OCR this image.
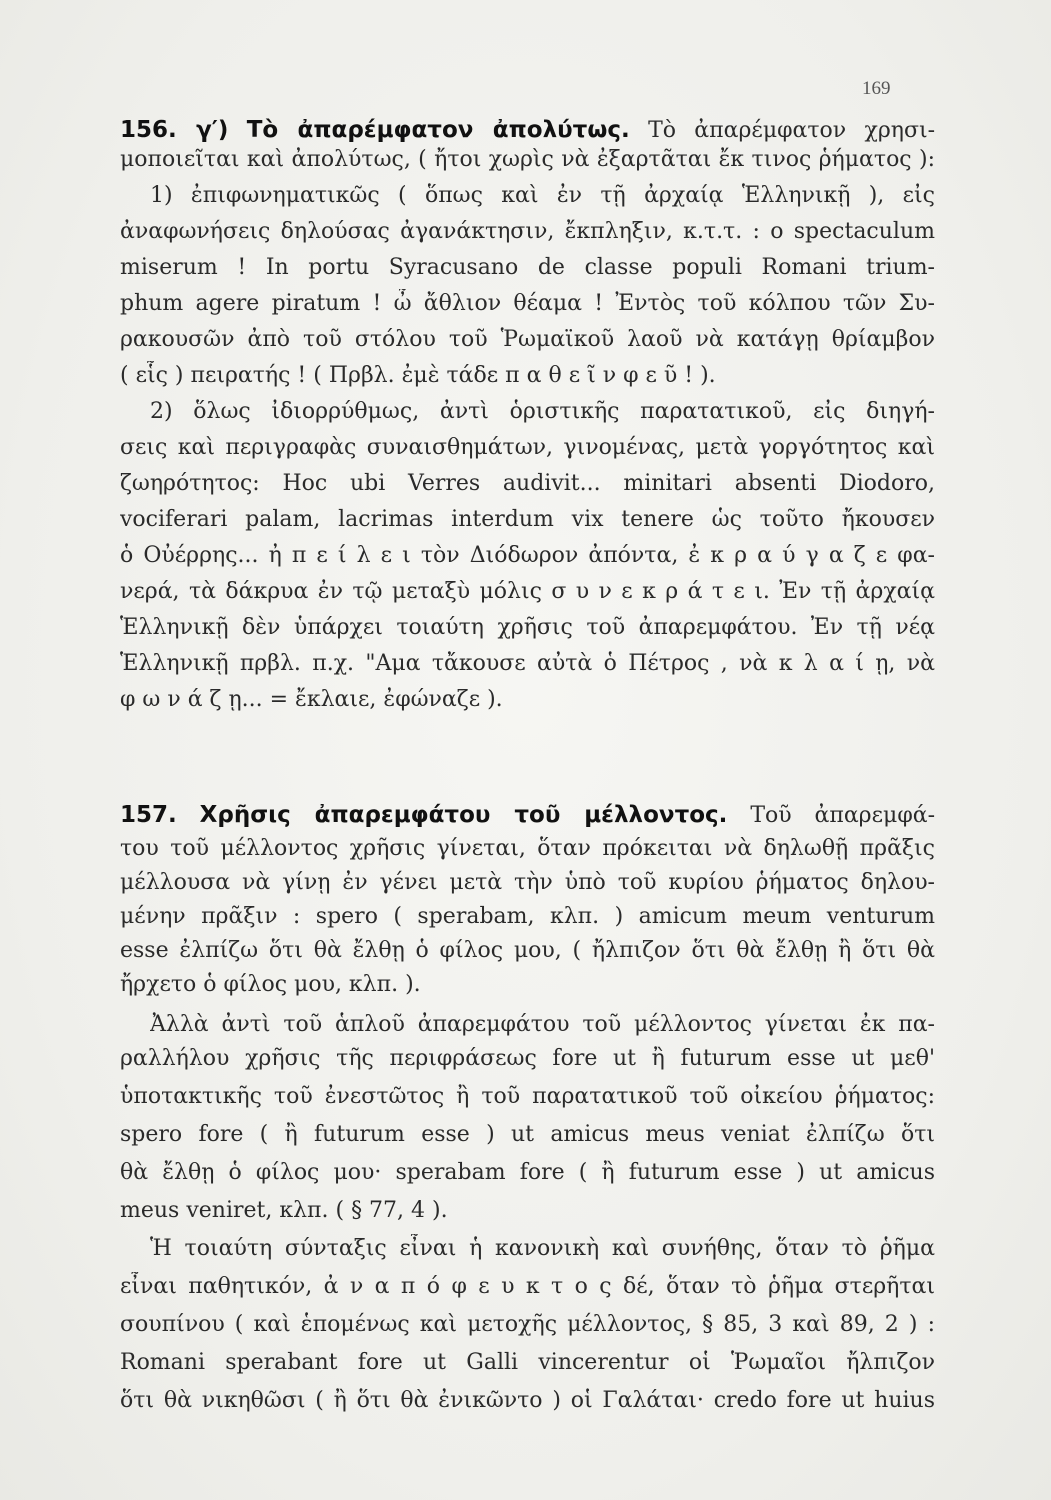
169
156. γ′) Τὸ ἀπαρέμφατον ἀπολύτως. Τὸ ἀπαρέμφατον χρησι-
μοποιεῖται καὶ ἀπολύτως, ( ἤτοι χωρὶς νὰ ἐξαρτᾶται ἔκ τινος ῥήματος ):
1) ἐπιφωνηματικῶς ( ὅπως καὶ ἐν τῇ ἀρχαίᾳ Ἑλληνικῇ ), εἰς
ἀναφωνήσεις δηλούσας ἀγανάκτησιν, ἔκπληξιν, κ.τ.τ. : o spectaculum
miserum ! In portu Syracusano de classe populi Romani trium-
phum agere piratum ! ὦ ἄθλιον θέαμα ! Ἐντὸς τοῦ κόλπου τῶν Συ-
ρακουσῶν ἀπὸ τοῦ στόλου τοῦ Ῥωμαϊκοῦ λαοῦ νὰ κατάγῃ θρίαμβον
( εἷς ) πειρατής ! ( Πρβλ. ἐμὲ τάδε π α θ ε ῖ ν φ ε ῦ ! ).
2) ὅλως ἰδιορρύθμως, ἀντὶ ὁριστικῆς παρατατικοῦ, εἰς διηγή-
σεις καὶ περιγραφὰς συναισθημάτων, γινομένας, μετὰ γοργότητος καὶ
ζωηρότητος: Hoc ubi Verres audivit... minitari absenti Diodoro,
vociferari palam, lacrimas interdum vix tenere ὡς τοῦτο ἤκουσεν
ὁ Οὐέρρης... ἠ π ε ί λ ε ι τὸν Διόδωρον ἀπόντα, ἐ κ ρ α ύ γ α ζ ε φα-
νερά, τὰ δάκρυα ἐν τῷ μεταξὺ μόλις σ υ ν ε κ ρ ά τ ε ι. Ἐν τῇ ἀρχαίᾳ
Ἑλληνικῇ δὲν ὑπάρχει τοιαύτη χρῆσις τοῦ ἀπαρεμφάτου. Ἐν τῇ νέᾳ
Ἑλληνικῇ πρβλ. π.χ. "Αμα τἄκουσε αὐτὰ ὁ Πέτρος , νὰ κ λ α ί ῃ, νὰ
φ ω ν ά ζ ῃ... = ἔκλαιε, ἐφώναζε ).
157. Χρῆσις ἀπαρεμφάτου τοῦ μέλλοντος. Τοῦ ἀπαρεμφά-
του τοῦ μέλλοντος χρῆσις γίνεται, ὅταν πρόκειται νὰ δηλωθῇ πρᾶξις
μέλλουσα νὰ γίνῃ ἐν γένει μετὰ τὴν ὑπὸ τοῦ κυρίου ῥήματος δηλου-
μένην πρᾶξιν : spero ( sperabam, κλπ. ) amicum meum venturum
esse ἐλπίζω ὅτι θὰ ἔλθῃ ὁ φίλος μου, ( ἤλπιζον ὅτι θὰ ἔλθῃ ἢ ὅτι θὰ
ἤρχετο ὁ φίλος μου, κλπ. ).
Ἀλλὰ ἀντὶ τοῦ ἁπλοῦ ἀπαρεμφάτου τοῦ μέλλοντος γίνεται ἐκ πα-
ραλλήλου χρῆσις τῆς περιφράσεως fore ut ἢ futurum esse ut μεθ'
ὑποτακτικῆς τοῦ ἐνεστῶτος ἢ τοῦ παρατατικοῦ τοῦ οἰκείου ῥήματος:
spero fore ( ἢ futurum esse ) ut amicus meus veniat ἐλπίζω ὅτι
θὰ ἔλθῃ ὁ φίλος μου· sperabam fore ( ἢ futurum esse ) ut amicus
meus veniret, κλπ. ( § 77, 4 ).
Ἡ τοιαύτη σύνταξις εἶναι ἡ κανονικὴ καὶ συνήθης, ὅταν τὸ ῥῆμα
εἶναι παθητικόν, ἀ ν α π ό φ ε υ κ τ ο ς δέ, ὅταν τὸ ῥῆμα στερῆται
σουπίνου ( καὶ ἑπομένως καὶ μετοχῆς μέλλοντος, § 85, 3 καὶ 89, 2 ) :
Romani sperabant fore ut Galli vincerentur οἱ Ῥωμαῖοι ἤλπιζον
ὅτι θὰ νικηθῶσι ( ἢ ὅτι θὰ ἐνικῶντο ) οἱ Γαλάται· credo fore ut huius
